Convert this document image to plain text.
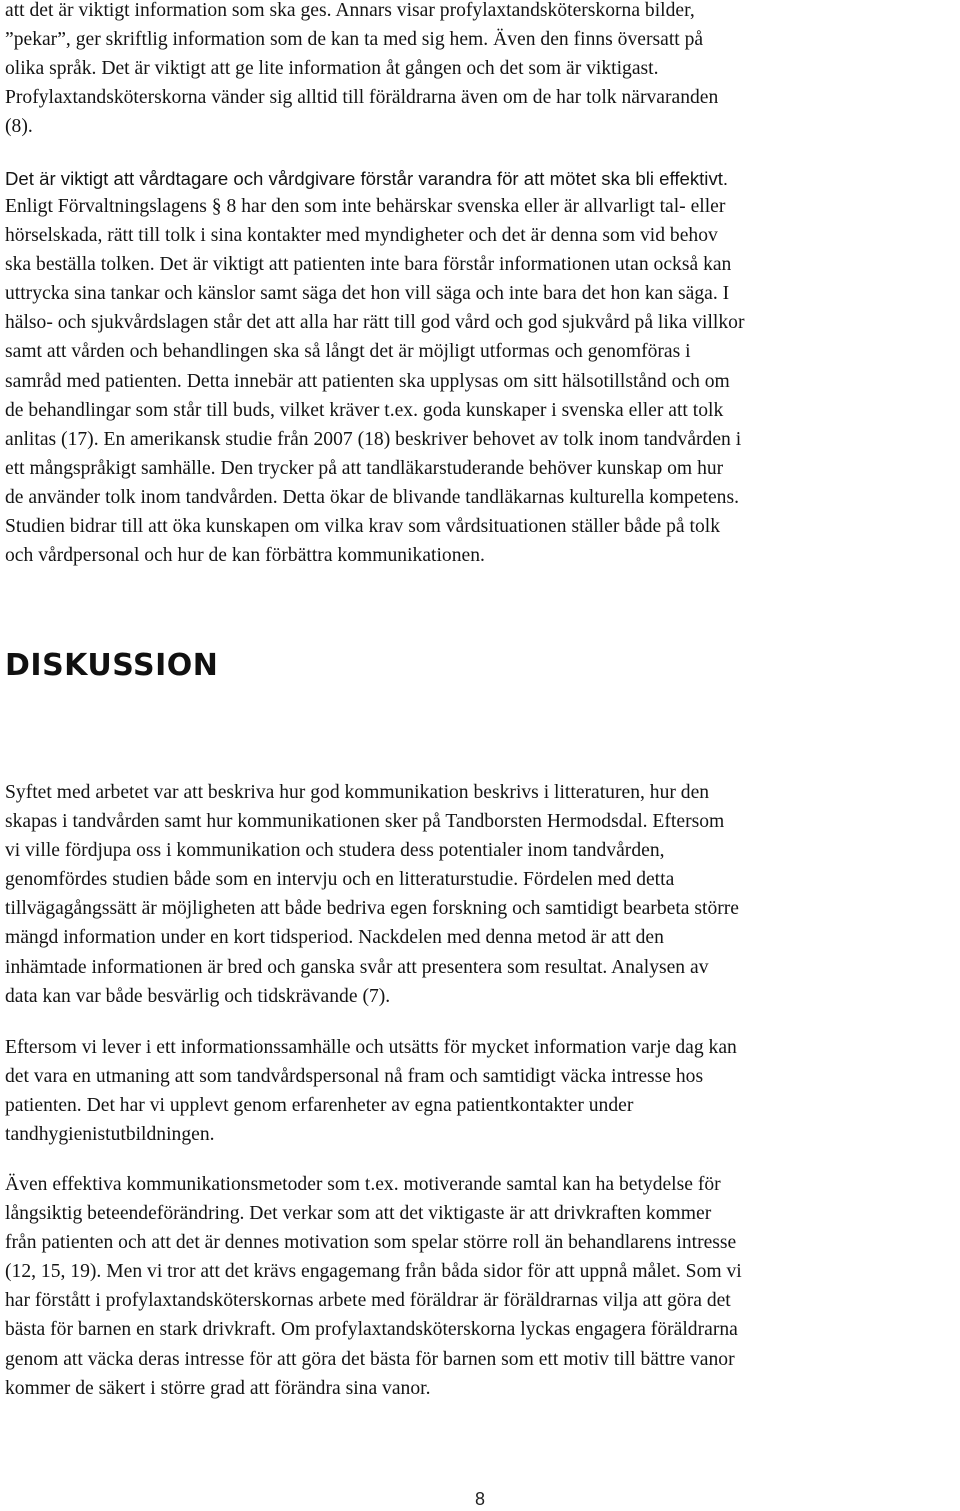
att det är viktigt information som ska ges. Annars visar profylaxtandsköterskorna bilder,
”pekar”, ger skriftlig information som de kan ta med sig hem. Även den finns översatt på
olika språk. Det är viktigt att ge lite information åt gången och det som är viktigast.
Profylaxtandsköterskorna vänder sig alltid till föräldrarna även om de har tolk närvaranden
(8).
Det är viktigt att vårdtagare och vårdgivare förstår varandra för att mötet ska bli effektivt.
Enligt Förvaltningslagens § 8 har den som inte behärskar svenska eller är allvarligt tal- eller
hörselskada, rätt till tolk i sina kontakter med myndigheter och det är denna som vid behov
ska beställa tolken. Det är viktigt att patienten inte bara förstår informationen utan också kan
uttrycka sina tankar och känslor samt säga det hon vill säga och inte bara det hon kan säga. I
hälso- och sjukvårdslagen står det att alla har rätt till god vård och god sjukvård på lika villkor
samt att vården och behandlingen ska så långt det är möjligt utformas och genomföras i
samråd med patienten. Detta innebär att patienten ska upplysas om sitt hälsotillstånd och om
de behandlingar som står till buds, vilket kräver t.ex. goda kunskaper i svenska eller att tolk
anlitas (17). En amerikansk studie från 2007 (18) beskriver behovet av tolk inom tandvården i
ett mångspråkigt samhälle. Den trycker på att tandläkarstuderande behöver kunskap om hur
de använder tolk inom tandvården. Detta ökar de blivande tandläkarnas kulturella kompetens.
Studien bidrar till att öka kunskapen om vilka krav som vårdsituationen ställer både på tolk
och vårdpersonal och hur de kan förbättra kommunikationen.
DISKUSSION
Syftet med arbetet var att beskriva hur god kommunikation beskrivs i litteraturen, hur den
skapas i tandvården samt hur kommunikationen sker på Tandborsten Hermodsdal. Eftersom
vi ville fördjupa oss i kommunikation och studera dess potentialer inom tandvården,
genomfördes studien både som en intervju och en litteraturstudie. Fördelen med detta
tillvägagångssätt är möjligheten att både bedriva egen forskning och samtidigt bearbeta större
mängd information under en kort tidsperiod. Nackdelen med denna metod är att den
inhämtade informationen är bred och ganska svår att presentera som resultat. Analysen av
data kan var både besvärlig och tidskrävande (7).
Eftersom vi lever i ett informationssamhälle och utsätts för mycket information varje dag kan
det vara en utmaning att som tandvårdspersonal nå fram och samtidigt väcka intresse hos
patienten. Det har vi upplevt genom erfarenheter av egna patientkontakter under
tandhygienistutbildningen.
Även effektiva kommunikationsmetoder som t.ex. motiverande samtal kan ha betydelse för
långsiktig beteendeförändring. Det verkar som att det viktigaste är att drivkraften kommer
från patienten och att det är dennes motivation som spelar större roll än behandlarens intresse
(12, 15, 19). Men vi tror att det krävs engagemang från båda sidor för att uppnå målet. Som vi
har förstått i profylaxtandsköterskornas arbete med föräldrar är föräldrarnas vilja att göra det
bästa för barnen en stark drivkraft. Om profylaxtandsköterskorna lyckas engagera föräldrarna
genom att väcka deras intresse för att göra det bästa för barnen som ett motiv till bättre vanor
kommer de säkert i större grad att förändra sina vanor.
8
